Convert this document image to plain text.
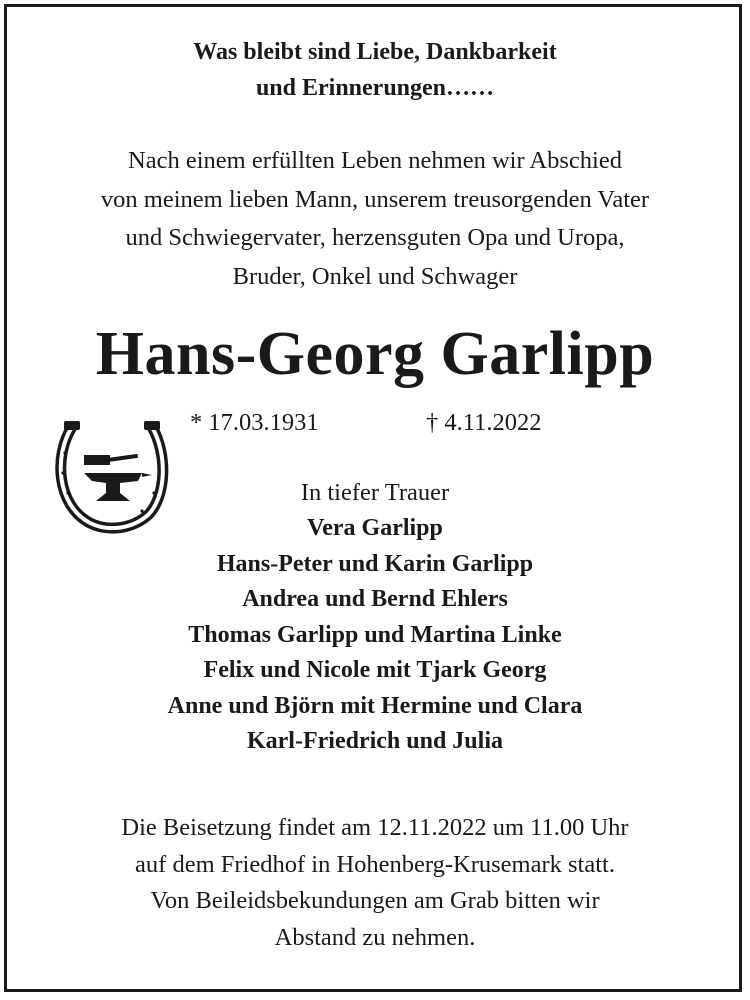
Was bleibt sind Liebe, Dankbarkeit
und Erinnerungen……
Nach einem erfüllten Leben nehmen wir Abschied
von meinem lieben Mann, unserem treusorgenden Vater
und Schwiegervater, herzensguten Opa und Uropa,
Bruder, Onkel und Schwager
Hans-Georg Garlipp
* 17.03.1931	† 4.11.2022
In tiefer Trauer
Vera Garlipp
Hans-Peter und Karin Garlipp
Andrea und Bernd Ehlers
Thomas Garlipp und Martina Linke
Felix und Nicole mit Tjark Georg
Anne und Björn mit Hermine und Clara
Karl-Friedrich und Julia
Die Beisetzung findet am 12.11.2022 um 11.00 Uhr
auf dem Friedhof in Hohenberg-Krusemark statt.
Von Beileidsbekundungen am Grab bitten wir
Abstand zu nehmen.
